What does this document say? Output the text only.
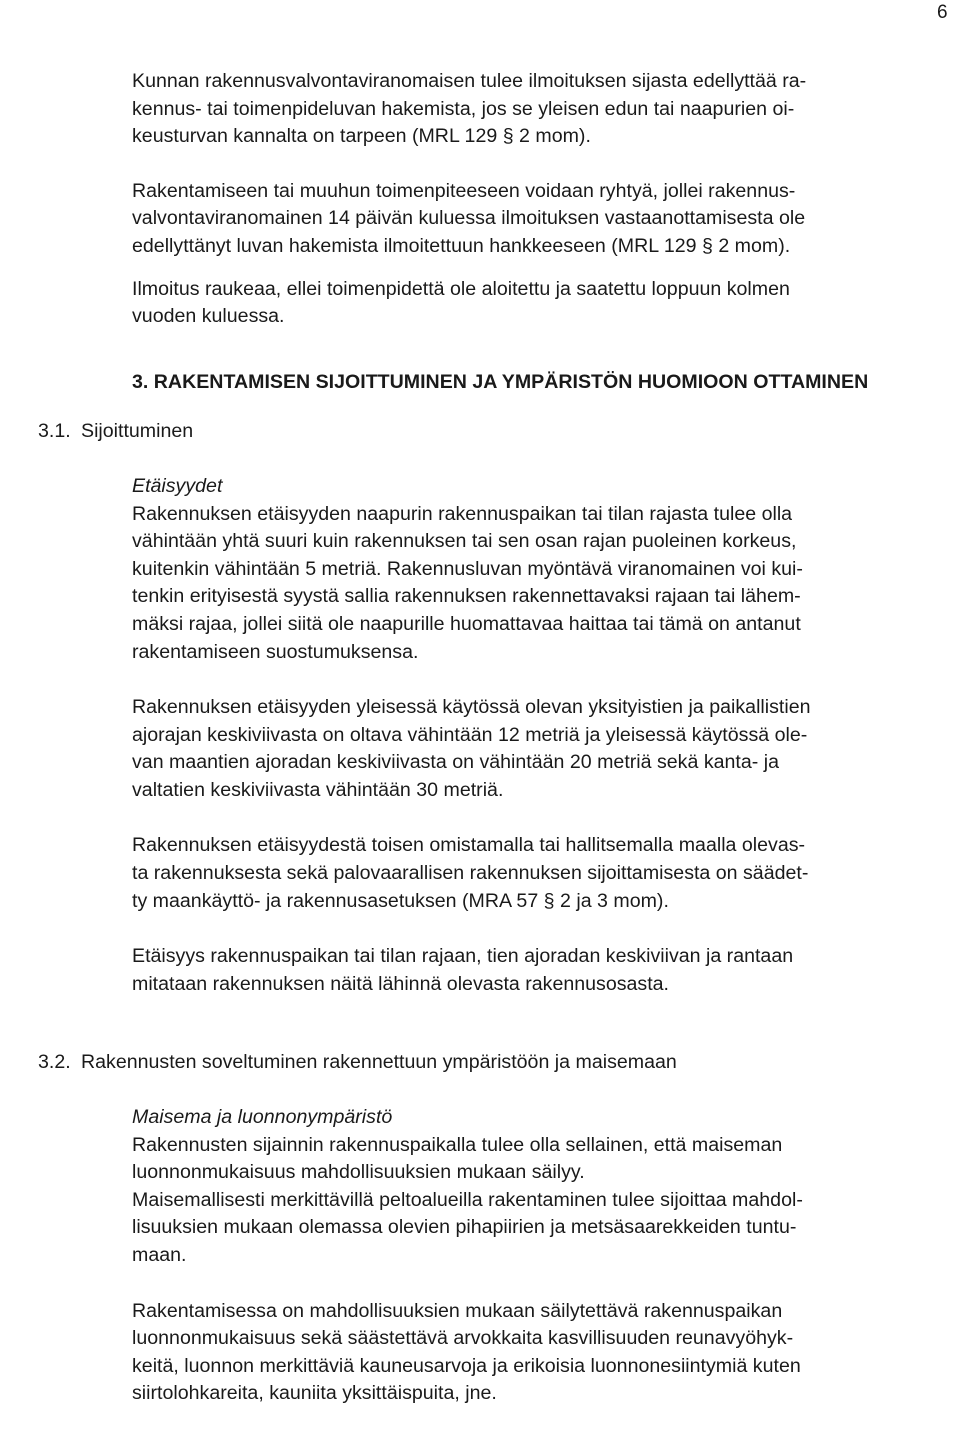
6
Kunnan rakennusvalvontaviranomaisen tulee ilmoituksen sijasta edellyttää ra-
kennus- tai toimenpideluvan hakemista, jos se yleisen edun tai naapurien oi-
keusturvan kannalta on tarpeen (MRL 129 § 2 mom).
Rakentamiseen tai muuhun toimenpiteeseen voidaan ryhtyä, jollei rakennus-
valvontaviranomainen 14 päivän kuluessa ilmoituksen vastaanottamisesta ole
edellyttänyt luvan hakemista ilmoitettuun hankkeeseen (MRL 129 § 2 mom).
Ilmoitus raukeaa, ellei toimenpidettä ole aloitettu ja saatettu loppuun kolmen
vuoden kuluessa.
3. RAKENTAMISEN SIJOITTUMINEN JA YMPÄRISTÖN HUOMIOON OTTAMINEN
3.1. Sijoittuminen
Etäisyydet
Rakennuksen etäisyyden naapurin rakennuspaikan tai tilan rajasta tulee olla
vähintään yhtä suuri kuin rakennuksen tai sen osan rajan puoleinen korkeus,
kuitenkin vähintään 5 metriä. Rakennusluvan myöntävä viranomainen voi kui-
tenkin erityisestä syystä sallia rakennuksen rakennettavaksi rajaan tai lähem-
mäksi rajaa, jollei siitä ole naapurille huomattavaa haittaa tai tämä on antanut
rakentamiseen suostumuksensa.
Rakennuksen etäisyyden yleisessä käytössä olevan yksityistien ja paikallistien
ajorajan keskiviivasta on oltava vähintään 12 metriä ja yleisessä käytössä ole-
van maantien ajoradan keskiviivasta on vähintään 20 metriä sekä kanta- ja
valtatien keskiviivasta vähintään 30 metriä.
Rakennuksen etäisyydestä toisen omistamalla tai hallitsemalla maalla olevas-
ta rakennuksesta sekä palovaarallisen rakennuksen sijoittamisesta on säädet-
ty maankäyttö- ja rakennusasetuksen (MRA 57 § 2 ja 3 mom).
Etäisyys rakennuspaikan tai tilan rajaan, tien ajoradan keskiviivan ja rantaan
mitataan rakennuksen näitä lähinnä olevasta rakennusosasta.
3.2. Rakennusten soveltuminen rakennettuun ympäristöön ja maisemaan
Maisema ja luonnonympäristö
Rakennusten sijainnin rakennuspaikalla tulee olla sellainen, että maiseman
luonnonmukaisuus mahdollisuuksien mukaan säilyy.
Maisemallisesti merkittävillä peltoalueilla rakentaminen tulee sijoittaa mahdol-
lisuuksien mukaan olemassa olevien pihapiirien ja metsäsaarekkeiden tuntu-
maan.
Rakentamisessa on mahdollisuuksien mukaan säilytettävä rakennuspaikan
luonnonmukaisuus sekä säästettävä arvokkaita kasvillisuuden reunavyöhyk-
keitä, luonnon merkittäviä kauneusarvoja ja erikoisia luonnonesiintymiä kuten
siirtolohkareita, kauniita yksittäispuita, jne.
